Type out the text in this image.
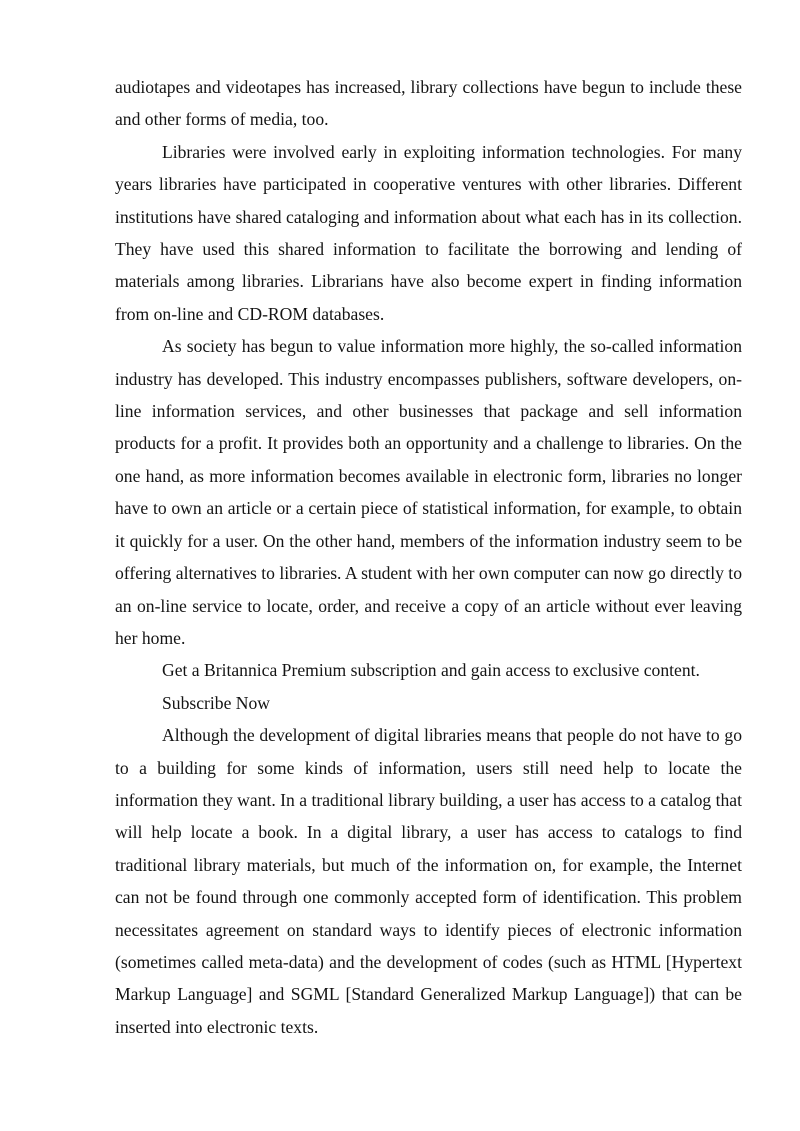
audiotapes and videotapes has increased, library collections have begun to include these and other forms of media, too.

Libraries were involved early in exploiting information technologies. For many years libraries have participated in cooperative ventures with other libraries. Different institutions have shared cataloging and information about what each has in its collection. They have used this shared information to facilitate the borrowing and lending of materials among libraries. Librarians have also become expert in finding information from on-line and CD-ROM databases.

As society has begun to value information more highly, the so-called information industry has developed. This industry encompasses publishers, software developers, on-line information services, and other businesses that package and sell information products for a profit. It provides both an opportunity and a challenge to libraries. On the one hand, as more information becomes available in electronic form, libraries no longer have to own an article or a certain piece of statistical information, for example, to obtain it quickly for a user. On the other hand, members of the information industry seem to be offering alternatives to libraries. A student with her own computer can now go directly to an on-line service to locate, order, and receive a copy of an article without ever leaving her home.

Get a Britannica Premium subscription and gain access to exclusive content.

Subscribe Now

Although the development of digital libraries means that people do not have to go to a building for some kinds of information, users still need help to locate the information they want. In a traditional library building, a user has access to a catalog that will help locate a book. In a digital library, a user has access to catalogs to find traditional library materials, but much of the information on, for example, the Internet can not be found through one commonly accepted form of identification. This problem necessitates agreement on standard ways to identify pieces of electronic information (sometimes called meta-data) and the development of codes (such as HTML [Hypertext Markup Language] and SGML [Standard Generalized Markup Language]) that can be inserted into electronic texts.
